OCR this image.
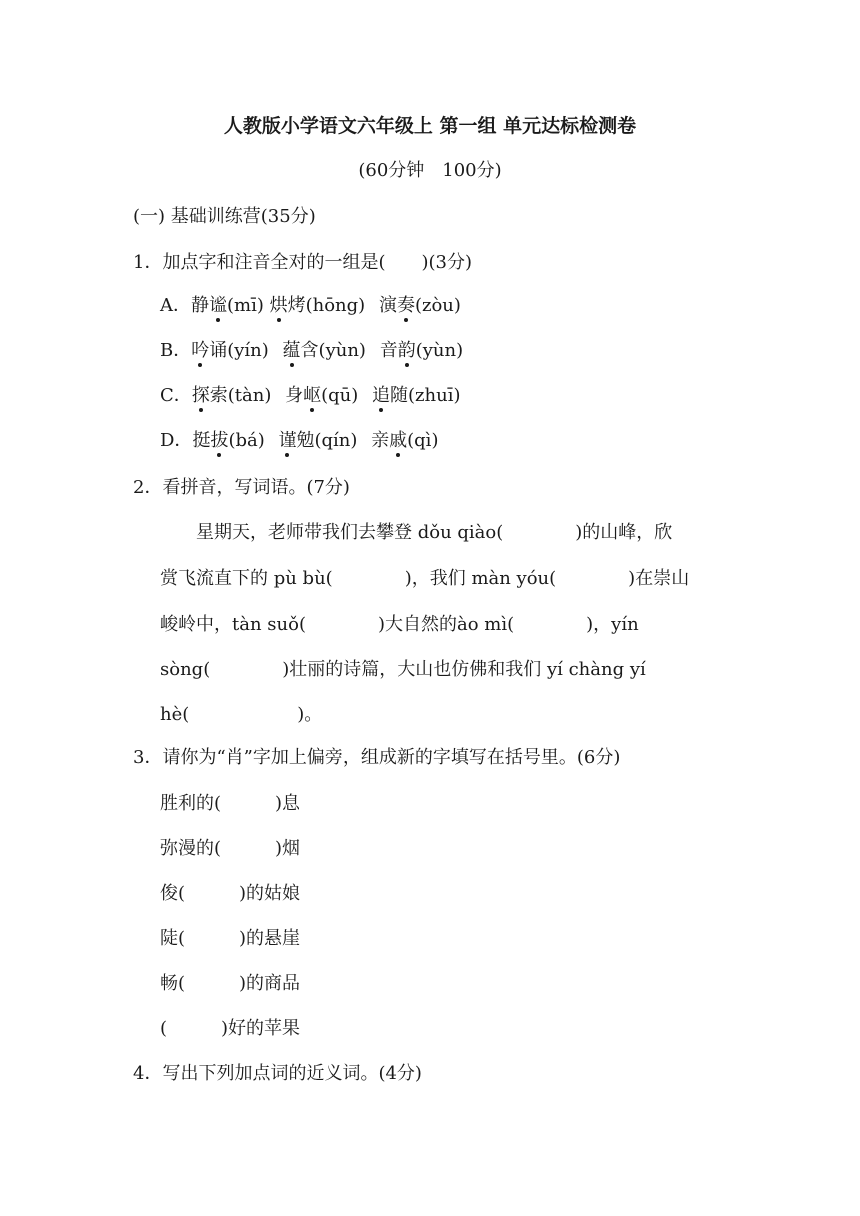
人教版小学语文六年级上 第一组 单元达标检测卷
(60分钟　100分)
(一) 基础训练营(35分)
1．加点字和注音全对的一组是(　　)(3分)
A．静谧(mī) 烘烤(hōng) 演奏(zòu)
B．吟诵(yín) 蕴含(yùn) 音韵(yùn)
C．探索(tàn) 身岖(qū) 追随(zhuī)
D．挺拔(bá) 谨勉(qín) 亲戚(qì)
2．看拼音，写词语。(7分)
　　星期天，老师带我们去攀登 dǒu qiào(　　　　)的山峰，欣
赏飞流直下的 pù bù(　　　　)，我们 màn yóu(　　　　)在崇山
峻岭中，tàn suǒ(　　　　)大自然的ào mì(　　　　)，yín
sòng(　　　　)壮丽的诗篇，大山也仿佛和我们 yí chàng yí
hè(　　　　　　)。
3．请你为“肖”字加上偏旁，组成新的字填写在括号里。(6分)
胜利的(　　　)息
弥漫的(　　　)烟
俊(　　　)的姑娘
陡(　　　)的悬崖
畅(　　　)的商品
(　　　)好的苹果
4．写出下列加点词的近义词。(4分)
